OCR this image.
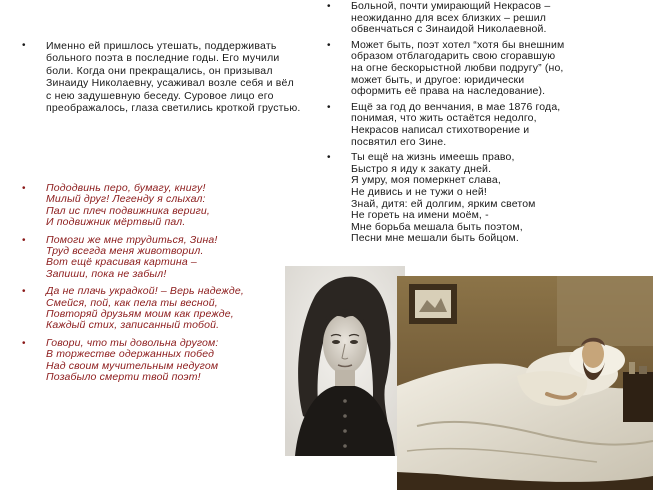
• Именно ей пришлось утешать, поддерживать больного поэта в последние годы. Его мучили боли. Когда они прекращались, он призывал Зинаиду Николаевну, усаживал возле себя и вёл с нею задушевную беседу. Суровое лицо его преображалось, глаза светились кроткой грустью.
• Пододвинь перо, бумагу, книгу!
Милый друг! Легенду я слыхал:
Пал ис плеч подвижника вериги,
И подвижник мёртвый пал.
• Помоги же мне трудиться, Зина!
Труд всегда меня животворил.
Вот ещё красивая картина –
Запиши, пока не забыл!
• Да не плачь украдкой! – Верь надежде,
Смейся, пой, как пела ты весной,
Повторяй друзьям моим как прежде,
Каждый стих, записанный тобой.
• Говори, что ты довольна другом:
В торжестве одержанных побед
Над своим мучительным недугом
Позабыло смерти твой поэт!
• Больной, почти умирающий Некрасов –
неожиданно для всех близких – решил
обвенчаться с Зинаидой Николаевной.
• Может быть, поэт хотел “хотя бы внешним
образом отблагодарить свою сгоравшую
на огне бескорыстной любви подругу” (но,
может быть, и другое: юридически
оформить её права на наследование).
• Ещё за год до венчания, в мае 1876 года,
понимая, что жить остаётся недолго,
Некрасов написал стихотворение и
посвятил его Зине.
• Ты ещё на жизнь имеешь право,
Быстро я иду к закату дней.
Я умру, моя померкнет слава,
Не дивись и не тужи о ней!
Знай, дитя: ей долгим, ярким светом
Не гореть на имени моём, -
Мне борьба мешала быть поэтом,
Песни мне мешали быть бойцом.
